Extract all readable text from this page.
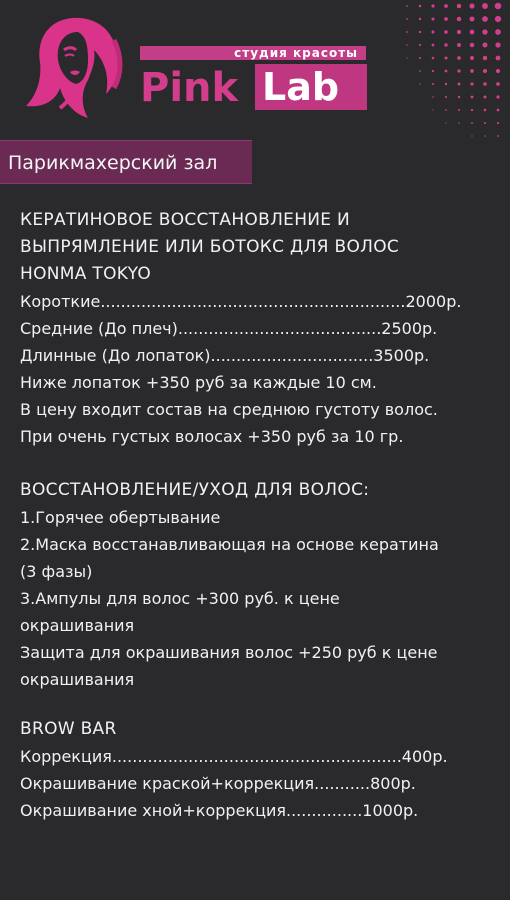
студия красоты
Pink Lab
Парикмахерский зал
КЕРАТИНОВОЕ ВОССТАНОВЛЕНИЕ И
ВЫПРЯМЛЕНИЕ ИЛИ БОТОКС ДЛЯ ВОЛОС
HONMA TOKYO
Короткие............................................................2000р.
Средние (До плеч)........................................2500р.
Длинные (До лопаток)................................3500р.
Ниже лопаток +350 руб за каждые 10 см.
В цену входит состав на среднюю густоту волос.
При очень густых волосах +350 руб за 10 гр.
ВОССТАНОВЛЕНИЕ/УХОД ДЛЯ ВОЛОС:
1.Горячее обертывание
2.Маска восстанавливающая на основе кератина
(3 фазы)
3.Ампулы для волос +300 руб. к цене
окрашивания
Защита для окрашивания волос +250 руб к цене
окрашивания
BROW BAR
Коррекция.........................................................400р.
Окрашивание краской+коррекция...........800р.
Окрашивание хной+коррекция...............1000р.
